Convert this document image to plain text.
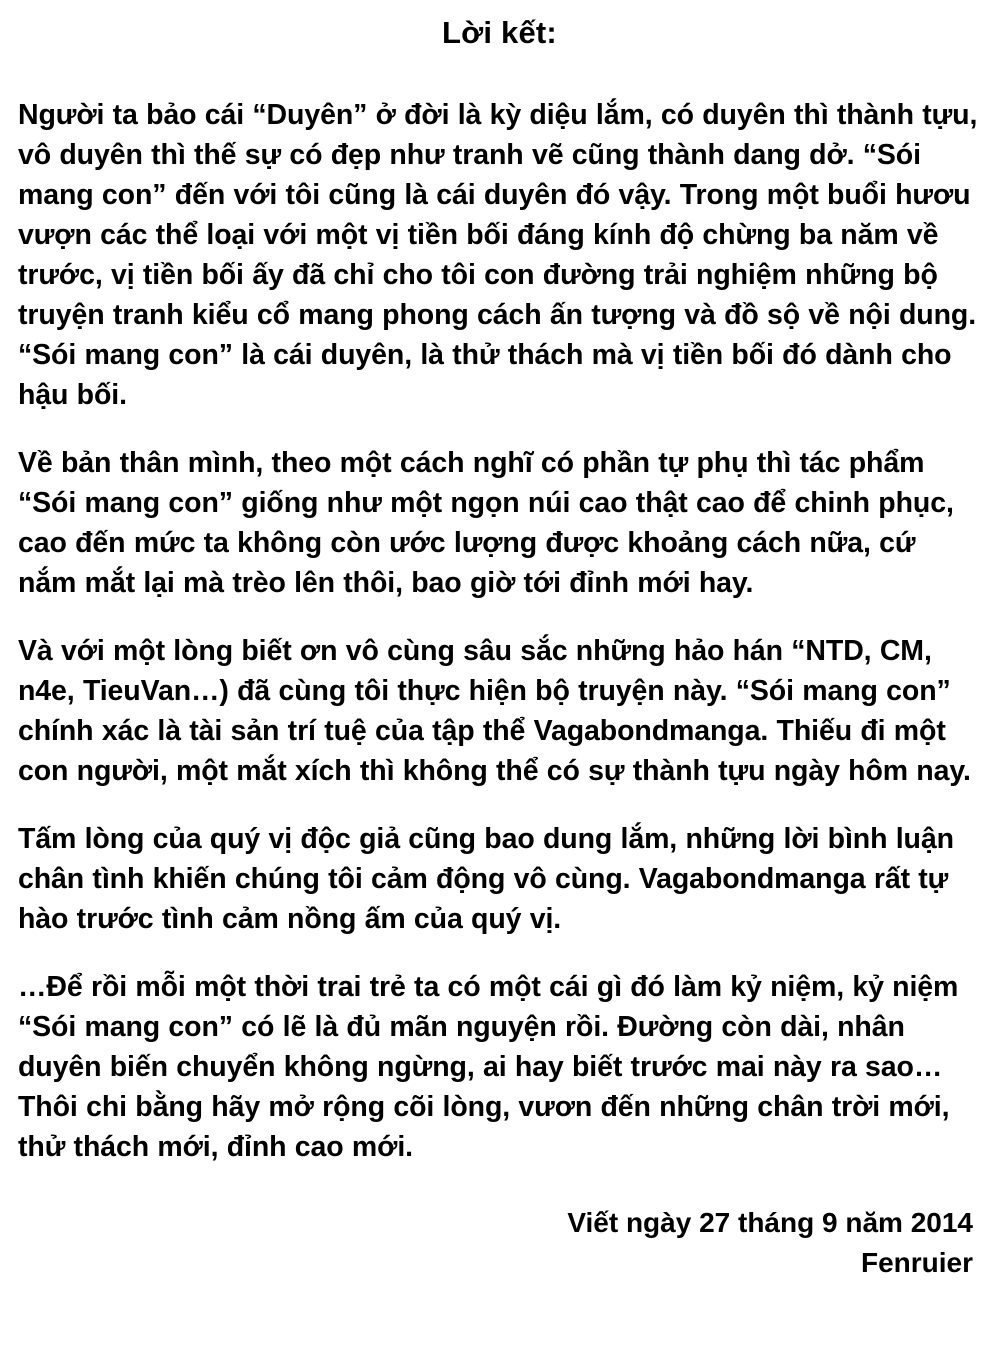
Lời kết:

Người ta bảo cái “Duyên” ở đời là kỳ diệu lắm, có duyên thì thành tựu, vô duyên thì thế sự có đẹp như tranh vẽ cũng thành dang dở. “Sói mang con” đến với tôi cũng là cái duyên đó vậy. Trong một buổi hươu vượn các thể loại với một vị tiền bối đáng kính độ chừng ba năm về trước, vị tiền bối ấy đã chỉ cho tôi con đường trải nghiệm những bộ truyện tranh kiểu cổ mang phong cách ấn tượng và đồ sộ về nội dung. “Sói mang con” là cái duyên, là thử thách mà vị tiền bối đó dành cho hậu bối.

Về bản thân mình, theo một cách nghĩ có phần tự phụ thì tác phẩm “Sói mang con” giống như một ngọn núi cao thật cao để chinh phục, cao đến mức ta không còn ước lượng được khoảng cách nữa, cứ nắm mắt lại mà trèo lên thôi, bao giờ tới đỉnh mới hay.

Và với một lòng biết ơn vô cùng sâu sắc những hảo hán “NTD, CM, n4e, TieuVan…) đã cùng tôi thực hiện bộ truyện này. “Sói mang con” chính xác là tài sản trí tuệ của tập thể Vagabondmanga. Thiếu đi một con người, một mắt xích thì không thể có sự thành tựu ngày hôm nay.

Tấm lòng của quý vị độc giả cũng bao dung lắm, những lời bình luận chân tình khiến chúng tôi cảm động vô cùng. Vagabondmanga rất tự hào trước tình cảm nồng ấm của quý vị.

…Để rồi mỗi một thời trai trẻ ta có một cái gì đó làm kỷ niệm, kỷ niệm “Sói mang con” có lẽ là đủ mãn nguyện rồi. Đường còn dài, nhân duyên biến chuyển không ngừng, ai hay biết trước mai này ra sao…Thôi chi bằng hãy mở rộng cõi lòng, vươn đến những chân trời mới, thử thách mới, đỉnh cao mới.

Viết ngày 27 tháng 9 năm 2014
Fenruier
